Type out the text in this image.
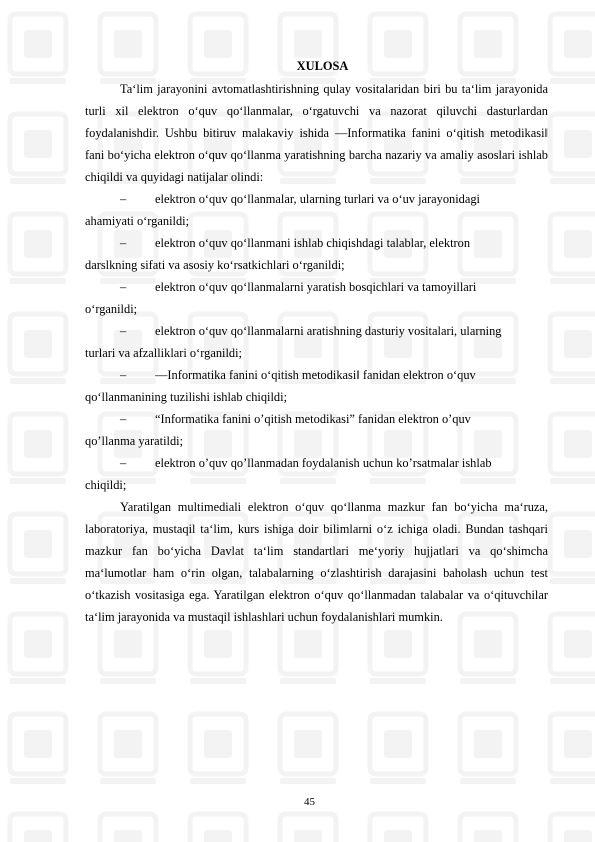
XULOSA

Ta‘lim jarayonini avtomatlashtirishning qulay vositalaridan biri bu ta‘lim jarayonida turli xil elektron o‘quv qo‘llanmalar, o‘rgatuvchi va nazorat qiluvchi dasturlardan foydalanishdir. Ushbu bitiruv malakaviy ishida ―Informatika fanini o‘qitish metodikasi‖ fani bo‘yicha elektron o‘quv qo‘llanma yaratishning barcha nazariy va amaliy asoslari ishlab chiqildi va quyidagi natijalar olindi:

‒ elektron o‘quv qo‘llanmalar, ularning turlari va o‘uv jarayonidagi
ahamiyati o‘rganildi;
‒ elektron o‘quv qo‘llanmani ishlab chiqishdagi talablar, elektron
darslkning sifati va asosiy ko‘rsatkichlari o‘rganildi;
‒ elektron o‘quv qo‘llanmalarni yaratish bosqichlari va tamoyillari
o‘rganildi;
‒ elektron o‘quv qo‘llanmalarni aratishning dasturiy vositalari, ularning
turlari va afzalliklari o‘rganildi;
‒ ―Informatika fanini o‘qitish metodikasi‖ fanidan elektron o‘quv
qo‘llanmanining tuzilishi ishlab chiqildi;
‒ “Informatika fanini o’qitish metodikasi” fanidan elektron o’quv
qo’llanma yaratildi;
‒ elektron o’quv qo’llanmadan foydalanish uchun ko’rsatmalar ishlab
chiqildi;

Yaratilgan multimediali elektron o‘quv qo‘llanma mazkur fan bo‘yicha ma‘ruza, laboratoriya, mustaqil ta‘lim, kurs ishiga doir bilimlarni o‘z ichiga oladi. Bundan tashqari mazkur fan bo‘yicha Davlat ta‘lim standartlari me‘yoriy hujjatlari va qo‘shimcha ma‘lumotlar ham o‘rin olgan, talabalarning o‘zlashtirish darajasini baholash uchun test o‘tkazish vositasiga ega. Yaratilgan elektron o‘quv qo‘llanmadan talabalar va o‘qituvchilar ta‘lim jarayonida va mustaqil ishlashlari uchun foydalanishlari mumkin.

45
